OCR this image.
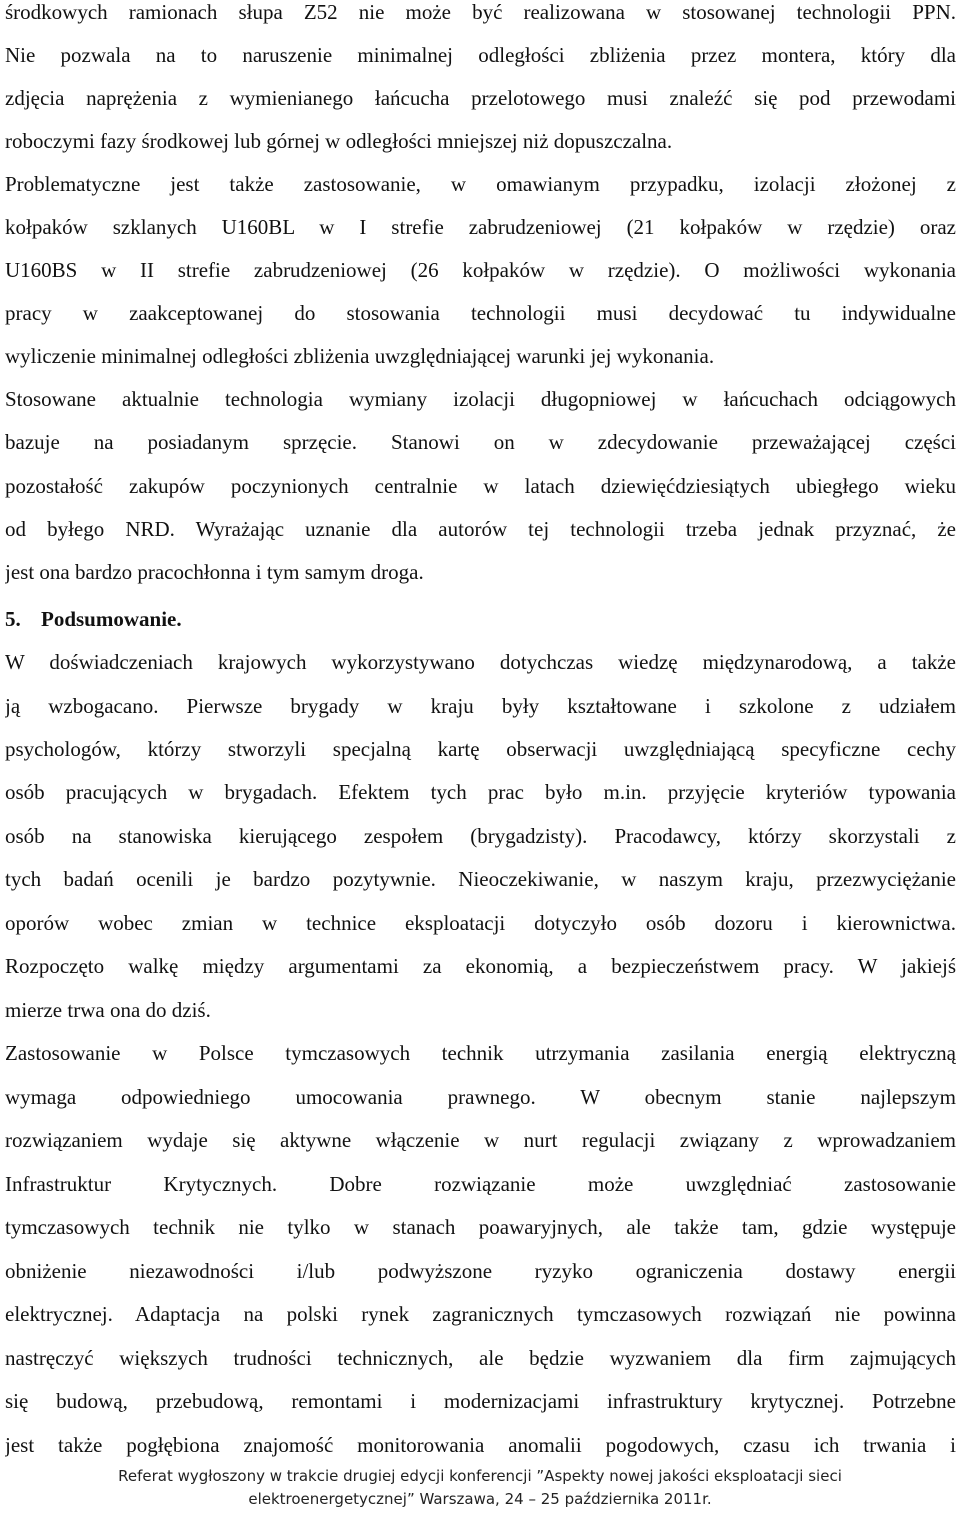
środkowych ramionach słupa Z52 nie może być realizowana w stosowanej technologii PPN.
Nie pozwala na to naruszenie minimalnej odległości zbliżenia przez montera, który dla
zdjęcia naprężenia z wymienianego łańcucha przelotowego musi znaleźć się pod przewodami
roboczymi fazy środkowej lub górnej w odległości mniejszej niż dopuszczalna.
Problematyczne jest także zastosowanie, w omawianym przypadku, izolacji złożonej z
kołpaków szklanych U160BL w I strefie zabrudzeniowej (21 kołpaków w rzędzie) oraz
U160BS w II strefie zabrudzeniowej (26 kołpaków w rzędzie). O możliwości wykonania
pracy w zaakceptowanej do stosowania technologii musi decydować tu indywidualne
wyliczenie minimalnej odległości zbliżenia uwzględniającej warunki jej wykonania.
Stosowane aktualnie technologia wymiany izolacji długopniowej w łańcuchach odciągowych
bazuje na posiadanym sprzęcie. Stanowi on w zdecydowanie przeważającej części
pozostałość zakupów poczynionych centralnie w latach dziewięćdziesiątych ubiegłego wieku
od byłego NRD. Wyrażając uznanie dla autorów tej technologii trzeba jednak przyznać, że
jest ona bardzo pracochłonna i tym samym droga.
5. Podsumowanie.
W doświadczeniach krajowych wykorzystywano dotychczas wiedzę międzynarodową, a także
ją wzbogacano. Pierwsze brygady w kraju były kształtowane i szkolone z udziałem
psychologów, którzy stworzyli specjalną kartę obserwacji uwzględniającą specyficzne cechy
osób pracujących w brygadach. Efektem tych prac było m.in. przyjęcie kryteriów typowania
osób na stanowiska kierującego zespołem (brygadzisty). Pracodawcy, którzy skorzystali z
tych badań ocenili je bardzo pozytywnie. Nieoczekiwanie, w naszym kraju, przezwyciężanie
oporów wobec zmian w technice eksploatacji dotyczyło osób dozoru i kierownictwa.
Rozpoczęto walkę między argumentami za ekonomią, a bezpieczeństwem pracy. W jakiejś
mierze trwa ona do dziś.
Zastosowanie w Polsce tymczasowych technik utrzymania zasilania energią elektryczną
wymaga odpowiedniego umocowania prawnego. W obecnym stanie najlepszym
rozwiązaniem wydaje się aktywne włączenie w nurt regulacji związany z wprowadzaniem
Infrastruktur Krytycznych. Dobre rozwiązanie może uwzględniać zastosowanie
tymczasowych technik nie tylko w stanach poawaryjnych, ale także tam, gdzie występuje
obniżenie niezawodności i/lub podwyższone ryzyko ograniczenia dostawy energii
elektrycznej. Adaptacja na polski rynek zagranicznych tymczasowych rozwiązań nie powinna
nastręczyć większych trudności technicznych, ale będzie wyzwaniem dla firm zajmujących
się budową, przebudową, remontami i modernizacjami infrastruktury krytycznej. Potrzebne
jest także pogłębiona znajomość monitorowania anomalii pogodowych, czasu ich trwania i
Referat wygłoszony w trakcie drugiej edycji konferencji ”Aspekty nowej jakości eksploatacji sieci
elektroenergetycznej” Warszawa, 24 – 25 października 2011r.
